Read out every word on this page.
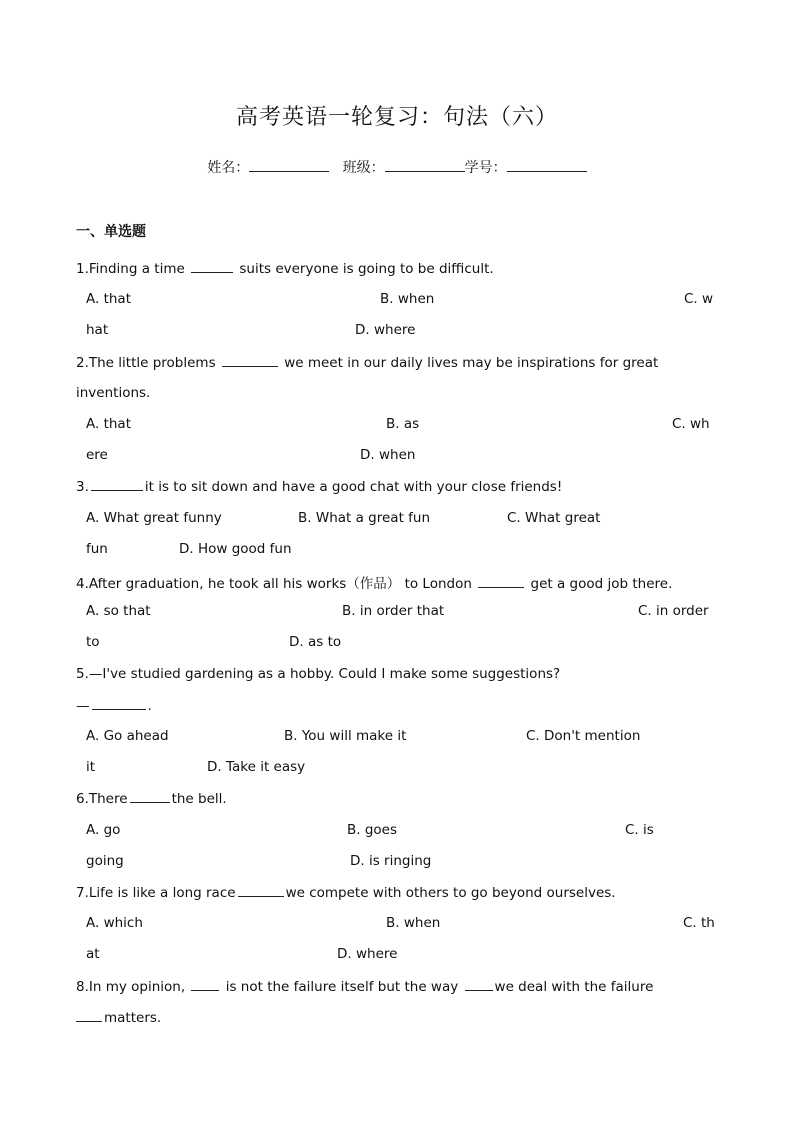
高考英语一轮复习：句法（六）
姓名：	班级：	学号：
一、单选题
1.Finding a time	suits everyone is going to be difficult.
A. that	B. when	C. w
hat	D. where
2.The little problems	we meet in our daily lives may be inspirations for great
inventions.
A. that	B. as	C. wh
ere	D. when
3.	it is to sit down and have a good chat with your close friends!
A. What great funny	B. What a great fun	C. What great
fun	D. How good fun
4.After graduation, he took all his works（作品） to London	get a good job there.
A. so that	B. in order that	C. in order
to	D. as to
5.—I've studied gardening as a hobby. Could I make some suggestions?
—	.
A. Go ahead	B. You will make it	C. Don't mention
it	D. Take it easy
6.There	the bell.
A. go	B. goes	C. is
going	D. is ringing
7.Life is like a long race	we compete with others to go beyond ourselves.
A. which	B. when	C. th
at	D. where
8.In my opinion,	is not the failure itself but the way	we deal with the failure
matters.
